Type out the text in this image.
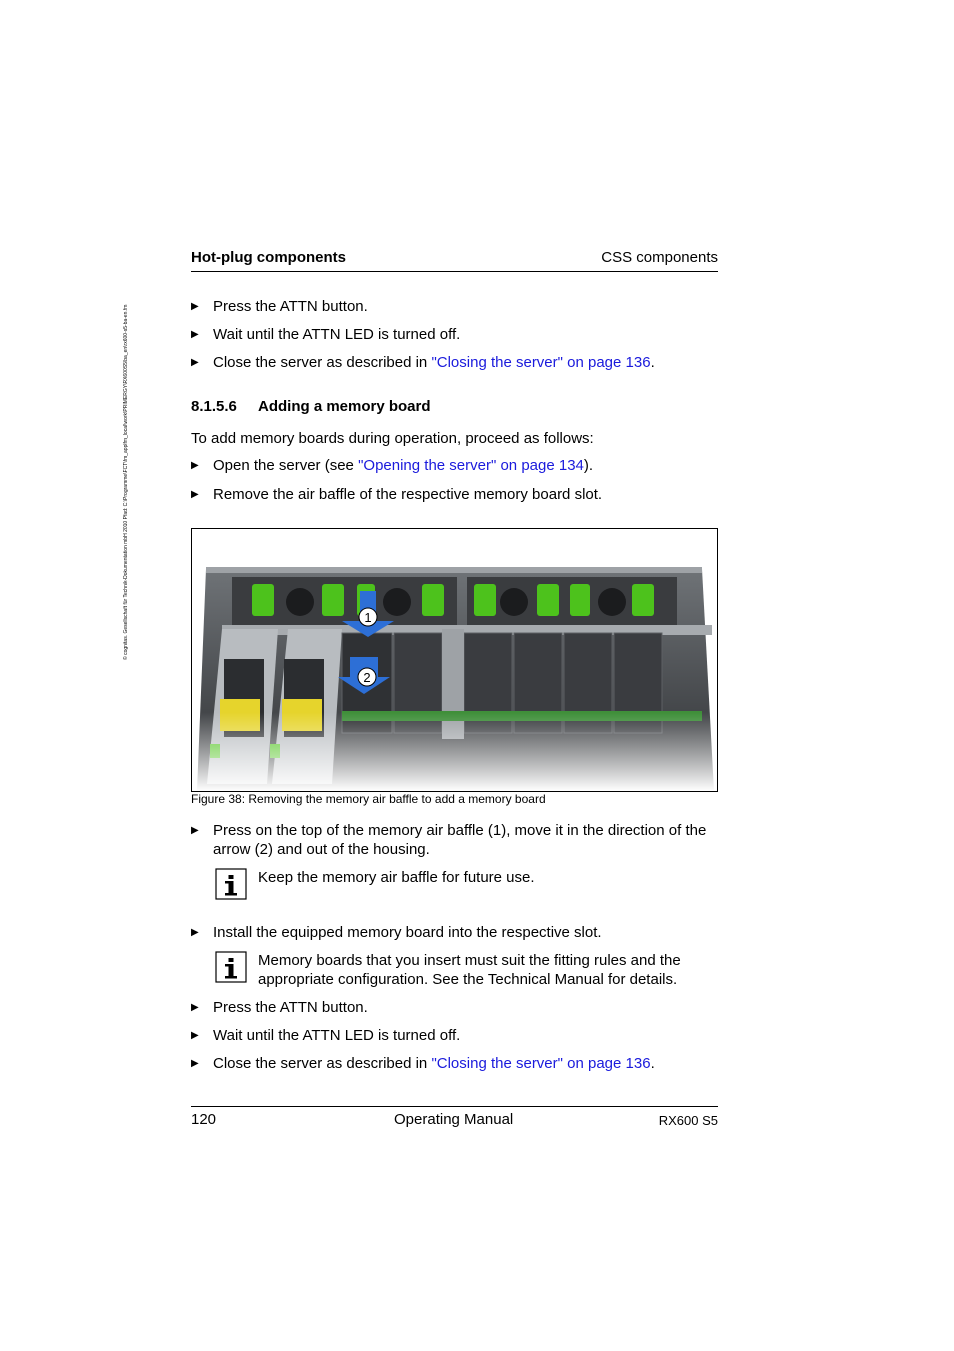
© cognitas. Gesellschaft für Technik-Dokumentation mbH 2010 Pfad: C:\Programme\FCT\fm_applfm_local\work\PRIMERGY\RX600S5\ba_en\rx600-s5-ba-en.fm
Hot-plug components	CSS components
▶ Press the ATTN button.
▶ Wait until the ATTN LED is turned off.
▶ Close the server as described in "Closing the server" on page 136.
8.1.5.6 Adding a memory board
To add memory boards during operation, proceed as follows:
▶ Open the server (see "Opening the server" on page 134).
▶ Remove the air baffle of the respective memory board slot.
Figure 38: Removing the memory air baffle to add a memory board
▶ Press on the top of the memory air baffle (1), move it in the direction of the arrow (2) and out of the housing.
Keep the memory air baffle for future use.
▶ Install the equipped memory board into the respective slot.
Memory boards that you insert must suit the fitting rules and the appropriate configuration. See the Technical Manual for details.
▶ Press the ATTN button.
▶ Wait until the ATTN LED is turned off.
▶ Close the server as described in "Closing the server" on page 136.
120	Operating Manual	RX600 S5
